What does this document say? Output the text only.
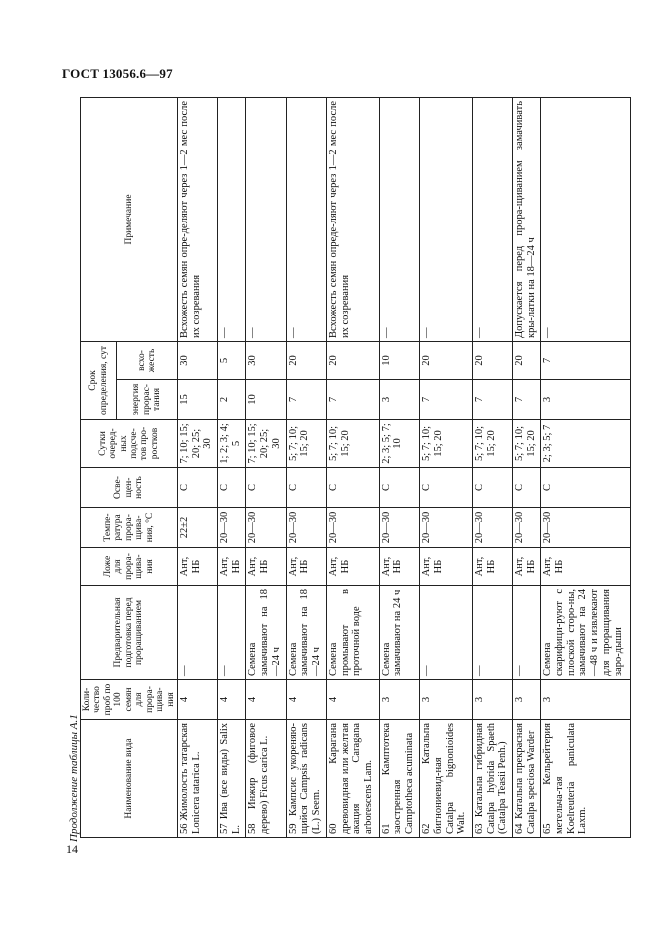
ГОСТ 13056.6—97
Продолжение таблицы А.1
14
Наименование вида	Коли-чество проб по 100 семян для прора-щива-ния	Предварительная подготовка перед проращиванием	Ложе для прора-щива-ния	Темпе-ратура прора-щива-ния, °С	Осве-щен-ность	Сутки очеред-ных подсче-тов про-ростков	Срок определения, сут		Примечание
							энергия прорас-тания	всхо-жесть	
56 Жимолость татарская Lonicera tatarica L.	4	—	Ант, НБ	22±2	С	7; 10; 15; 20; 25; 30	15	30	Всхожесть семян опре-деляют через 1—2 мес после их созревания
57 Ива (все виды) Salix L.	4	—	Ант, НБ	20—30	С	1; 2; 3; 4; 5	2	5	—
58 Инжир (фиговое дерево) Ficus carica L.	4	Семена замачивают на 18—24 ч	Ант, НБ	20—30	С	7; 10; 15; 20; 25; 30	10	30	—
59 Кампсис укореняю-щийся Campsis radicans (L.) Seem.	4	Семена замачивают на 18—24 ч	Ант, НБ	20—30	С	5; 7; 10; 15; 20	7	20	—
60 Карагана древовидная или желтая акация Caragana arborescens Lam.	4	Семена промывают в проточной воде	Ант, НБ	20—30	С	5; 7; 10; 15; 20	7	20	Всхожесть семян опреде-ляют через 1—2 мес после их созревания
61 Камптотека заостренная Camptotheca acuminata	3	Семена замачивают на 24 ч	Ант, НБ	20—30	С	2; 3; 5; 7; 10	3	10	—
62 Катальпа бигнониевид-ная Catalpa bignonioides Walt.	3	—	Ант, НБ	20—30	С	5; 7; 10; 15; 20	7	20	—
63 Катальпа гибридная Catalpa hybrida Spaeth (Catalpa Teasii Penh.)	3	—	Ант, НБ	20—30	С	5; 7; 10; 15; 20	7	20	—
64 Катальпа прекрасная Catalpa speciosa Warder	3	—	Ант, НБ	20—30	С	5; 7; 10; 15; 20	7	20	Допускается перед прора-щиванием замачивать кры-латки на 18—24 ч
65 Кельрейтерия метельча-тая Koelreuteria paniculata Laxm.	3	Семена скарифици-руют с плоской сторо-ны, замачивают на 24—48 ч и извлекают для проращивания заро-дыши	Ант, НБ	20—30	С	2; 3; 5; 7	3	7	—
